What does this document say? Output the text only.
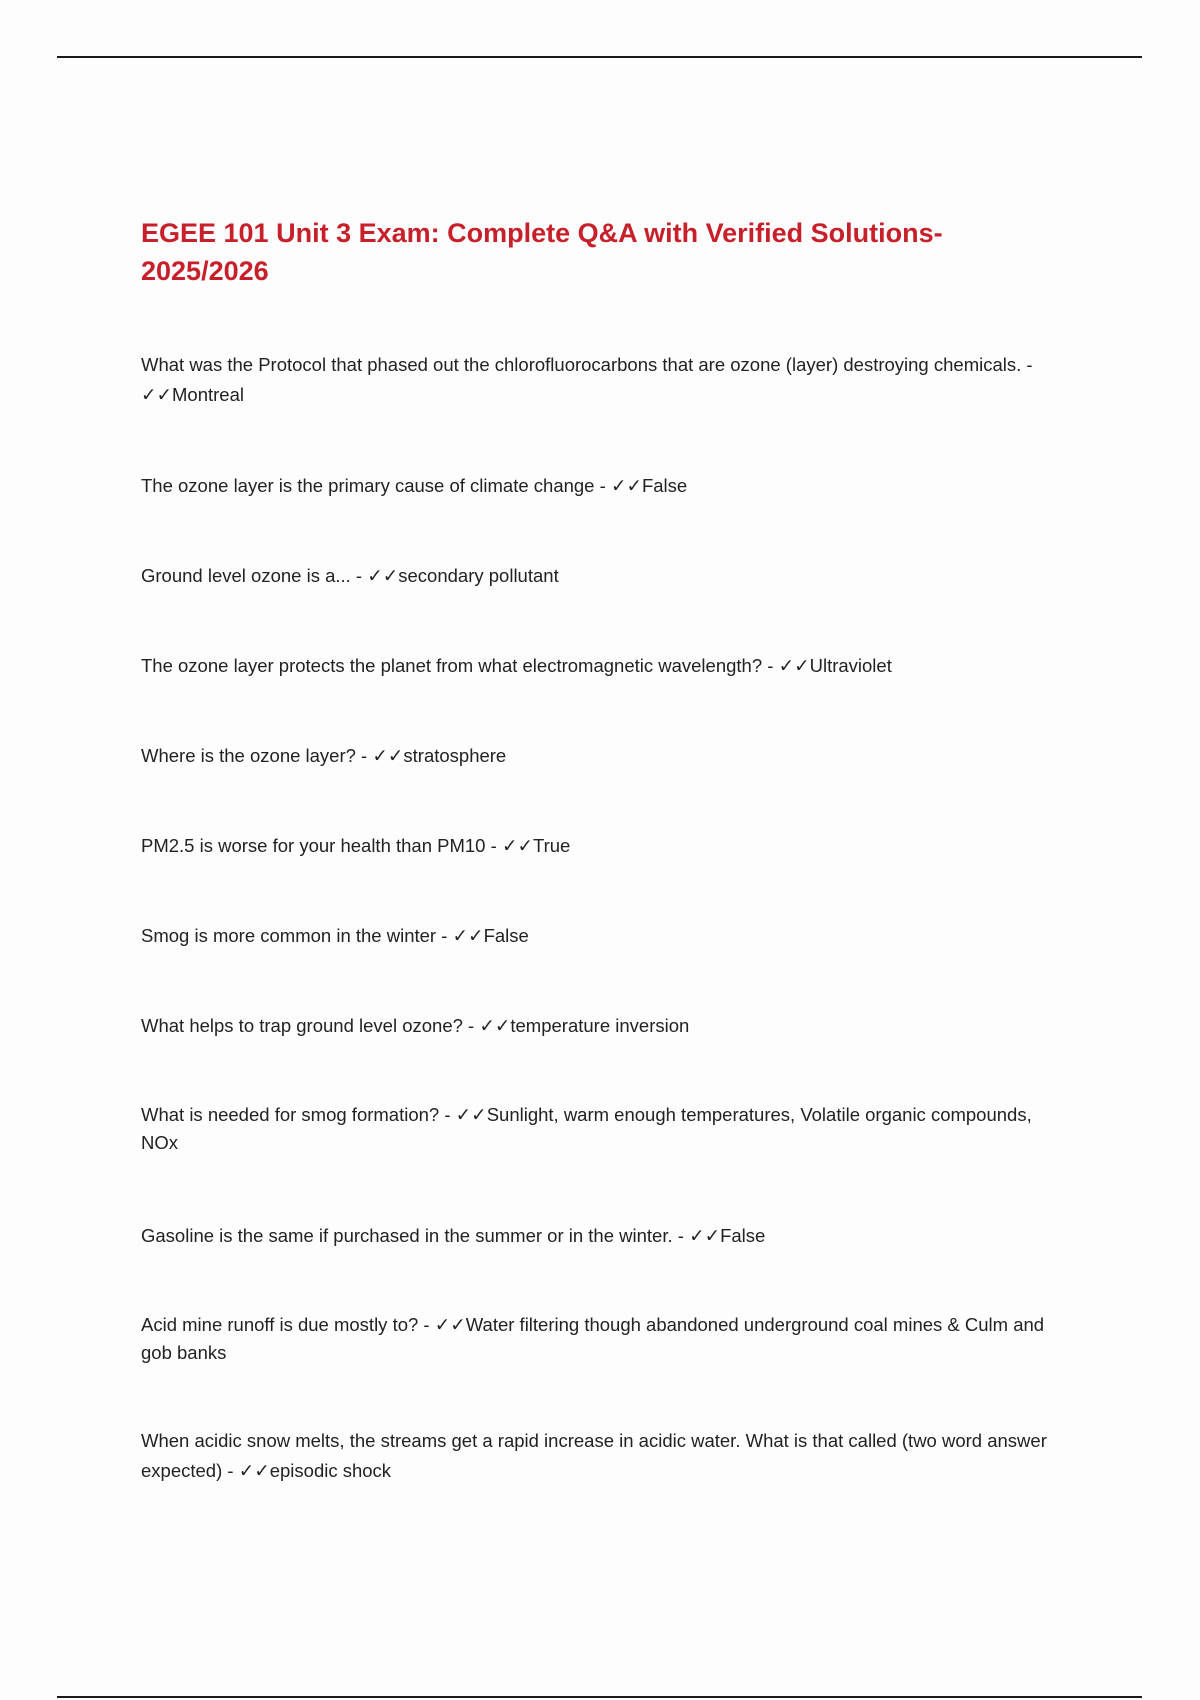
EGEE 101 Unit 3 Exam: Complete Q&A with Verified Solutions- 2025/2026

What was the Protocol that phased out the chlorofluorocarbons that are ozone (layer) destroying chemicals. - ✓✓Montreal

The ozone layer is the primary cause of climate change - ✓✓False

Ground level ozone is a... - ✓✓secondary pollutant

The ozone layer protects the planet from what electromagnetic wavelength? - ✓✓Ultraviolet

Where is the ozone layer? - ✓✓stratosphere

PM2.5 is worse for your health than PM10 - ✓✓True

Smog is more common in the winter - ✓✓False

What helps to trap ground level ozone? - ✓✓temperature inversion

What is needed for smog formation? - ✓✓Sunlight, warm enough temperatures, Volatile organic compounds, NOx

Gasoline is the same if purchased in the summer or in the winter. - ✓✓False

Acid mine runoff is due mostly to? - ✓✓Water filtering though abandoned underground coal mines & Culm and gob banks

When acidic snow melts, the streams get a rapid increase in acidic water. What is that called (two word answer expected) - ✓✓episodic shock
